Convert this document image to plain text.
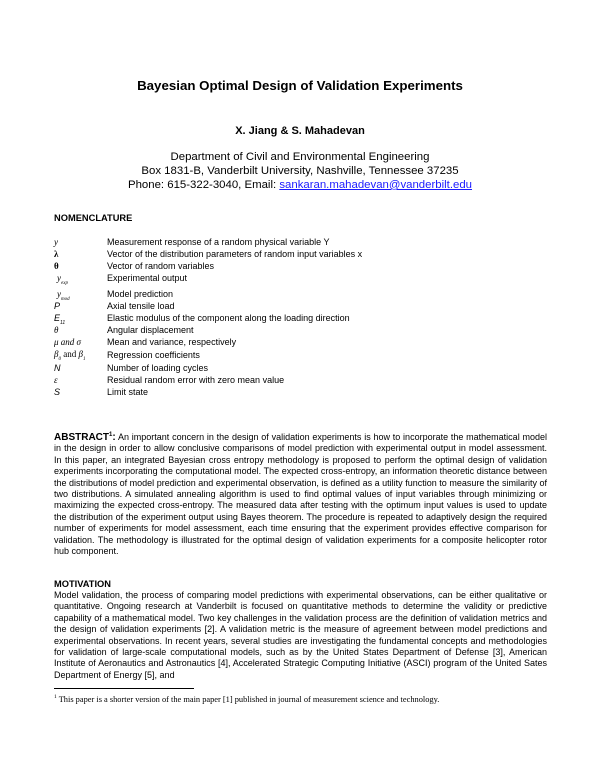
Bayesian Optimal Design of Validation Experiments
X. Jiang & S. Mahadevan
Department of Civil and Environmental Engineering
Box 1831-B, Vanderbilt University, Nashville, Tennessee 37235
Phone: 615-322-3040, Email: sankaran.mahadevan@vanderbilt.edu
NOMENCLATURE
y
λ
θ
$y_{exp}$
$y_{mod}$
P
$E_{11}$
θ
μ and σ
$\beta_0$ and $\beta_1$
N
ε
S
Measurement response of a random physical variable Y
Vector of the distribution parameters of random input variables x
Vector of random variables
Experimental output
Model prediction
Axial tensile load
Elastic modulus of the component along the loading direction
Angular displacement
Mean and variance, respectively
Regression coefficients
Number of loading cycles
Residual random error with zero mean value
Limit state
ABSTRACT$^1$: An important concern in the design of validation experiments is how to incorporate the mathematical model in the design in order to allow conclusive comparisons of model prediction with experimental output in model assessment. In this paper, an integrated Bayesian cross entropy methodology is proposed to perform the optimal design of validation experiments incorporating the computational model. The expected cross-entropy, an information theoretic distance between the distributions of model prediction and experimental observation, is defined as a utility function to measure the similarity of two distributions. A simulated annealing algorithm is used to find optimal values of input variables through minimizing or maximizing the expected cross-entropy. The measured data after testing with the optimum input values is used to update the distribution of the experiment output using Bayes theorem. The procedure is repeated to adaptively design the required number of experiments for model assessment, each time ensuring that the experiment provides effective comparison for validation. The methodology is illustrated for the optimal design of validation experiments for a composite helicopter rotor hub component.
MOTIVATION
Model validation, the process of comparing model predictions with experimental observations, can be either qualitative or quantitative. Ongoing research at Vanderbilt is focused on quantitative methods to determine the validity or predictive capability of a mathematical model. Two key challenges in the validation process are the definition of validation metrics and the design of validation experiments [2]. A validation metric is the measure of agreement between model predictions and experimental observations. In recent years, several studies are investigating the fundamental concepts and methodologies for validation of large-scale computational models, such as by the United States Department of Defense [3], American Institute of Aeronautics and Astronautics [4], Accelerated Strategic Computing Initiative (ASCI) program of the United Sates Department of Energy [5], and
$^1$ This paper is a shorter version of the main paper [1] published in journal of measurement science and technology.
